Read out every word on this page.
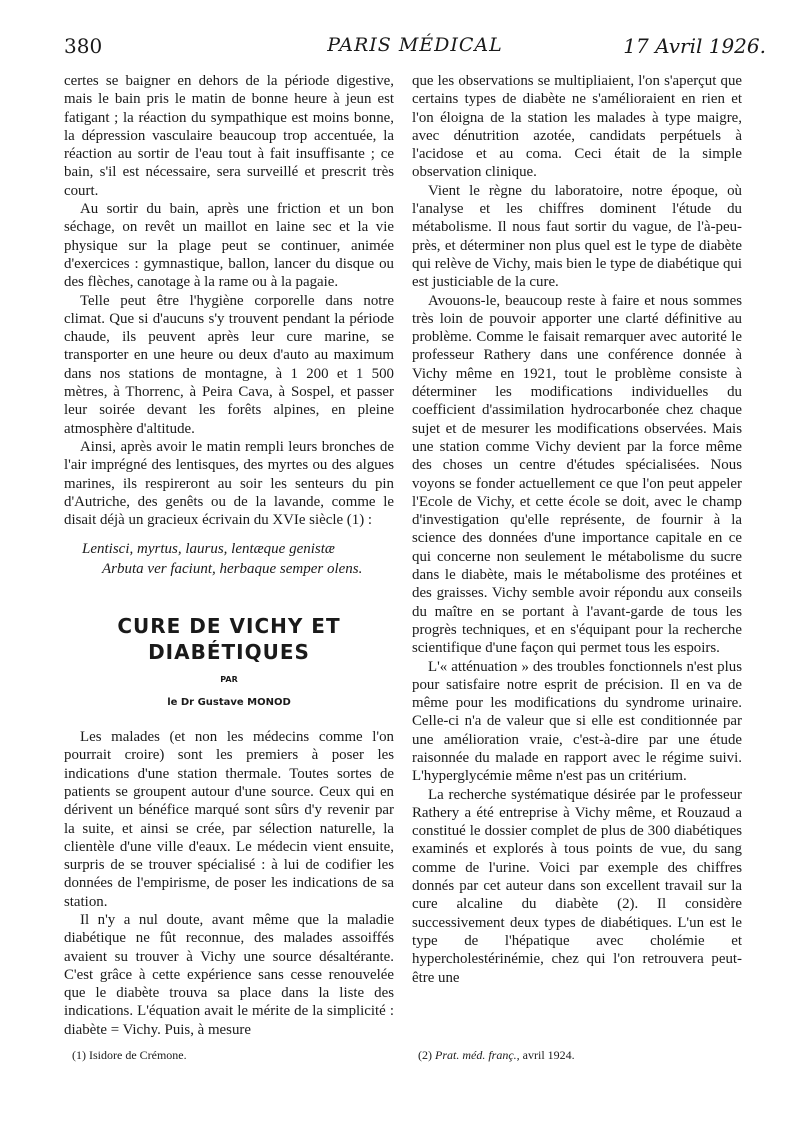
380	PARIS MÉDICAL	17 Avril 1926.

certes se baigner en dehors de la période digestive, mais le bain pris le matin de bonne heure à jeun est fatigant ; la réaction du sympathique est moins bonne, la dépression vasculaire beaucoup trop accentuée, la réaction au sortir de l'eau tout à fait insuffisante ; ce bain, s'il est nécessaire, sera surveillé et prescrit très court.

Au sortir du bain, après une friction et un bon séchage, on revêt un maillot en laine sec et la vie physique sur la plage peut se continuer, animée d'exercices : gymnastique, ballon, lancer du disque ou des flèches, canotage à la rame ou à la pagaie.

Telle peut être l'hygiène corporelle dans notre climat. Que si d'aucuns s'y trouvent pendant la période chaude, ils peuvent après leur cure marine, se transporter en une heure ou deux d'auto au maximum dans nos stations de montagne, à 1 200 et 1 500 mètres, à Thorrenc, à Peira Cava, à Sospel, et passer leur soirée devant les forêts alpines, en pleine atmosphère d'altitude.

Ainsi, après avoir le matin rempli leurs bronches de l'air imprégné des lentisques, des myrtes ou des algues marines, ils respireront au soir les senteurs du pin d'Autriche, des genêts ou de la lavande, comme le disait déjà un gracieux écrivain du XVIe siècle (1) :

Lentisci, myrtus, laurus, lentæque genistæ
Arbuta ver faciunt, herbaque semper olens.
CURE DE VICHY ET
DIABÉTIQUES
PAR
le Dr Gustave MONOD

Les malades (et non les médecins comme l'on pourrait croire) sont les premiers à poser les indications d'une station thermale. Toutes sortes de patients se groupent autour d'une source. Ceux qui en dérivent un bénéfice marqué sont sûrs d'y revenir par la suite, et ainsi se crée, par sélection naturelle, la clientèle d'une ville d'eaux. Le médecin vient ensuite, surpris de se trouver spécialisé : à lui de codifier les données de l'empirisme, de poser les indications de sa station.

Il n'y a nul doute, avant même que la maladie diabétique ne fût reconnue, des malades assoiffés avaient su trouver à Vichy une source désaltérante. C'est grâce à cette expérience sans cesse renouvelée que le diabète trouva sa place dans la liste des indications. L'équation avait le mérite de la simplicité : diabète = Vichy. Puis, à mesure

que les observations se multipliaient, l'on s'aperçut que certains types de diabète ne s'amélioraient en rien et l'on éloigna de la station les malades à type maigre, avec dénutrition azotée, candidats perpétuels à l'acidose et au coma. Ceci était de la simple observation clinique.

Vient le règne du laboratoire, notre époque, où l'analyse et les chiffres dominent l'étude du métabolisme. Il nous faut sortir du vague, de l'à-peu-près, et déterminer non plus quel est le type de diabète qui relève de Vichy, mais bien le type de diabétique qui est justiciable de la cure.

Avouons-le, beaucoup reste à faire et nous sommes très loin de pouvoir apporter une clarté définitive au problème. Comme le faisait remarquer avec autorité le professeur Rathery dans une conférence donnée à Vichy même en 1921, tout le problème consiste à déterminer les modifications individuelles du coefficient d'assimilation hydrocarbonée chez chaque sujet et de mesurer les modifications observées. Mais une station comme Vichy devient par la force même des choses un centre d'études spécialisées. Nous voyons se fonder actuellement ce que l'on peut appeler l'Ecole de Vichy, et cette école se doit, avec le champ d'investigation qu'elle représente, de fournir à la science des données d'une importance capitale en ce qui concerne non seulement le métabolisme du sucre dans le diabète, mais le métabolisme des protéines et des graisses. Vichy semble avoir répondu aux conseils du maître en se portant à l'avant-garde de tous les progrès techniques, et en s'équipant pour la recherche scientifique d'une façon qui permet tous les espoirs.

L'« atténuation » des troubles fonctionnels n'est plus pour satisfaire notre esprit de précision. Il en va de même pour les modifications du syndrome urinaire. Celle-ci n'a de valeur que si elle est conditionnée par une amélioration vraie, c'est-à-dire par une étude raisonnée du malade en rapport avec le régime suivi. L'hyperglycémie même n'est pas un critérium.

La recherche systématique désirée par le professeur Rathery a été entreprise à Vichy même, et Rouzaud a constitué le dossier complet de plus de 300 diabétiques examinés et explorés à tous points de vue, du sang comme de l'urine. Voici par exemple des chiffres donnés par cet auteur dans son excellent travail sur la cure alcaline du diabète (2). Il considère successivement deux types de diabétiques. L'un est le type de l'hépatique avec cholémie et hypercholestérinémie, chez qui l'on retrouvera peut-être une

(1) Isidore de Crémone.	(2) Prat. méd. franç., avril 1924.
